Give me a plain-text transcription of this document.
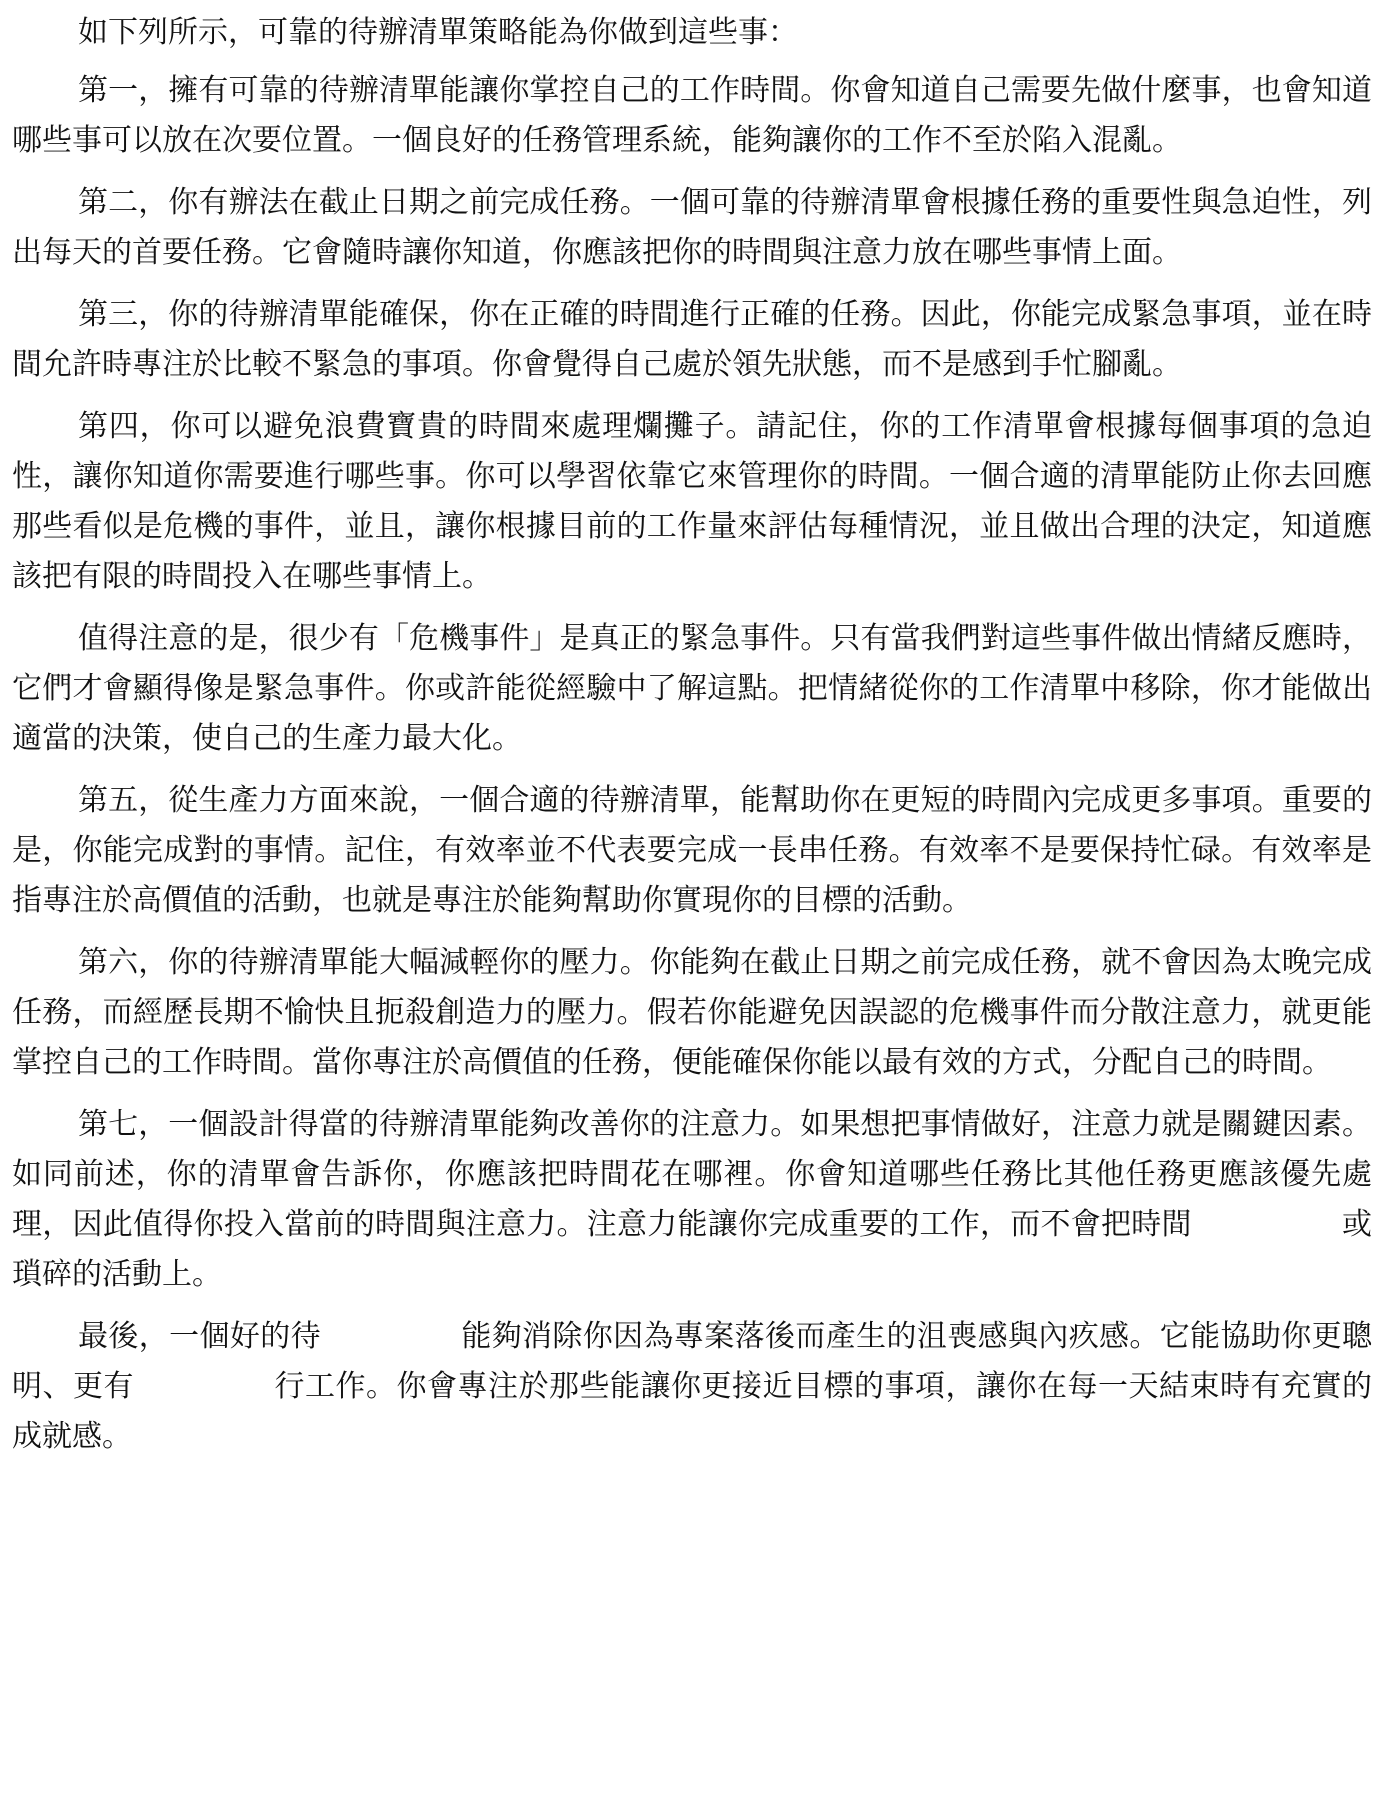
如下列所示，可靠的待辦清單策略能為你做到這些事：

第一，擁有可靠的待辦清單能讓你掌控自己的工作時間。你會知道自己需要先做什麼事，也會知道哪些事可以放在次要位置。一個良好的任務管理系統，能夠讓你的工作不至於陷入混亂。

第二，你有辦法在截止日期之前完成任務。一個可靠的待辦清單會根據任務的重要性與急迫性，列出每天的首要任務。它會隨時讓你知道，你應該把你的時間與注意力放在哪些事情上面。

第三，你的待辦清單能確保，你在正確的時間進行正確的任務。因此，你能完成緊急事項，並在時間允許時專注於比較不緊急的事項。你會覺得自己處於領先狀態，而不是感到手忙腳亂。

第四，你可以避免浪費寶貴的時間來處理爛攤子。請記住，你的工作清單會根據每個事項的急迫性，讓你知道你需要進行哪些事。你可以學習依靠它來管理你的時間。一個合適的清單能防止你去回應那些看似是危機的事件，並且，讓你根據目前的工作量來評估每種情況，並且做出合理的決定，知道應該把有限的時間投入在哪些事情上。

值得注意的是，很少有「危機事件」是真正的緊急事件。只有當我們對這些事件做出情緒反應時，它們才會顯得像是緊急事件。你或許能從經驗中了解這點。把情緒從你的工作清單中移除，你才能做出適當的決策，使自己的生產力最大化。

第五，從生產力方面來說，一個合適的待辦清單，能幫助你在更短的時間內完成更多事項。重要的是，你能完成對的事情。記住，有效率並不代表要完成一長串任務。有效率不是要保持忙碌。有效率是指專注於高價值的活動，也就是專注於能夠幫助你實現你的目標的活動。

第六，你的待辦清單能大幅減輕你的壓力。你能夠在截止日期之前完成任務，就不會因為太晚完成任務，而經歷長期不愉快且扼殺創造力的壓力。假若你能避免因誤認的危機事件而分散注意力，就更能掌控自己的工作時間。當你專注於高價值的任務，便能確保你能以最有效的方式，分配自己的時間。

第七，一個設計得當的待辦清單能夠改善你的注意力。如果想把事情做好，注意力就是關鍵因素。如同前述，你的清單會告訴你，你應該把時間花在哪裡。你會知道哪些任務比其他任務更應該優先處理，因此值得你投入當前的時間與注意力。注意力能讓你完成重要的工作，而不會把時間	或瑣碎的活動上。

最後，一個好的待	能夠消除你因為專案落後而產生的沮喪感與內疚感。它能協助你更聰明、更有	行工作。你會專注於那些能讓你更接近目標的事項，讓你在每一天結束時有充實的成就感。
